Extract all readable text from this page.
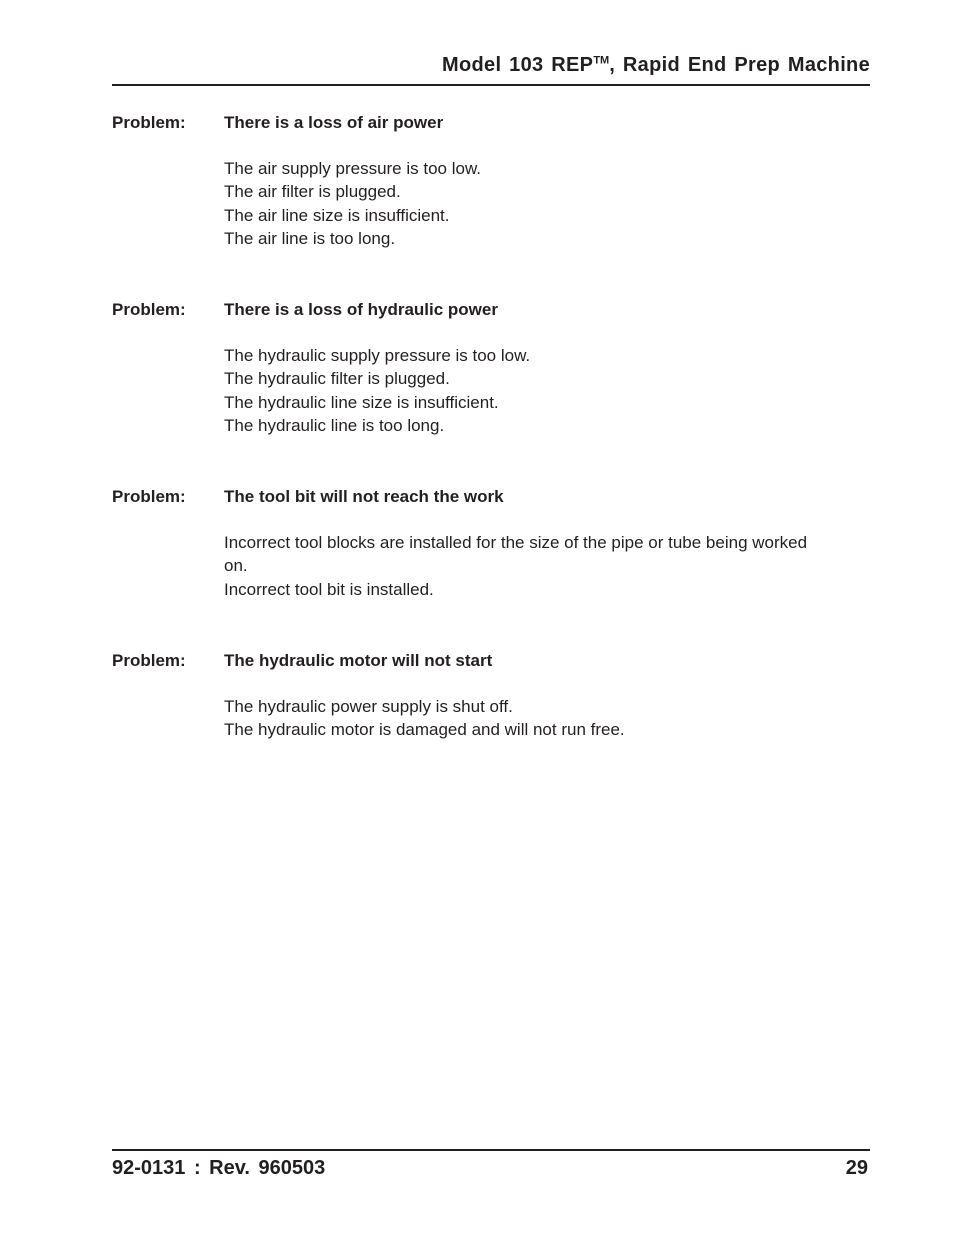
Model 103 REP™, Rapid End Prep Machine
Problem: There is a loss of air power
The air supply pressure is too low.
The air filter is plugged.
The air line size is insufficient.
The air line is too long.
Problem: There is a loss of hydraulic power
The hydraulic supply pressure is too low.
The hydraulic filter is plugged.
The hydraulic line size is insufficient.
The hydraulic line is too long.
Problem: The tool bit will not reach the work
Incorrect tool blocks are installed for the size of the pipe or tube being worked on.
Incorrect tool bit is installed.
Problem: The hydraulic motor will not start
The hydraulic power supply is shut off.
The hydraulic motor is damaged and will not run free.
92-0131 : Rev. 960503	29
